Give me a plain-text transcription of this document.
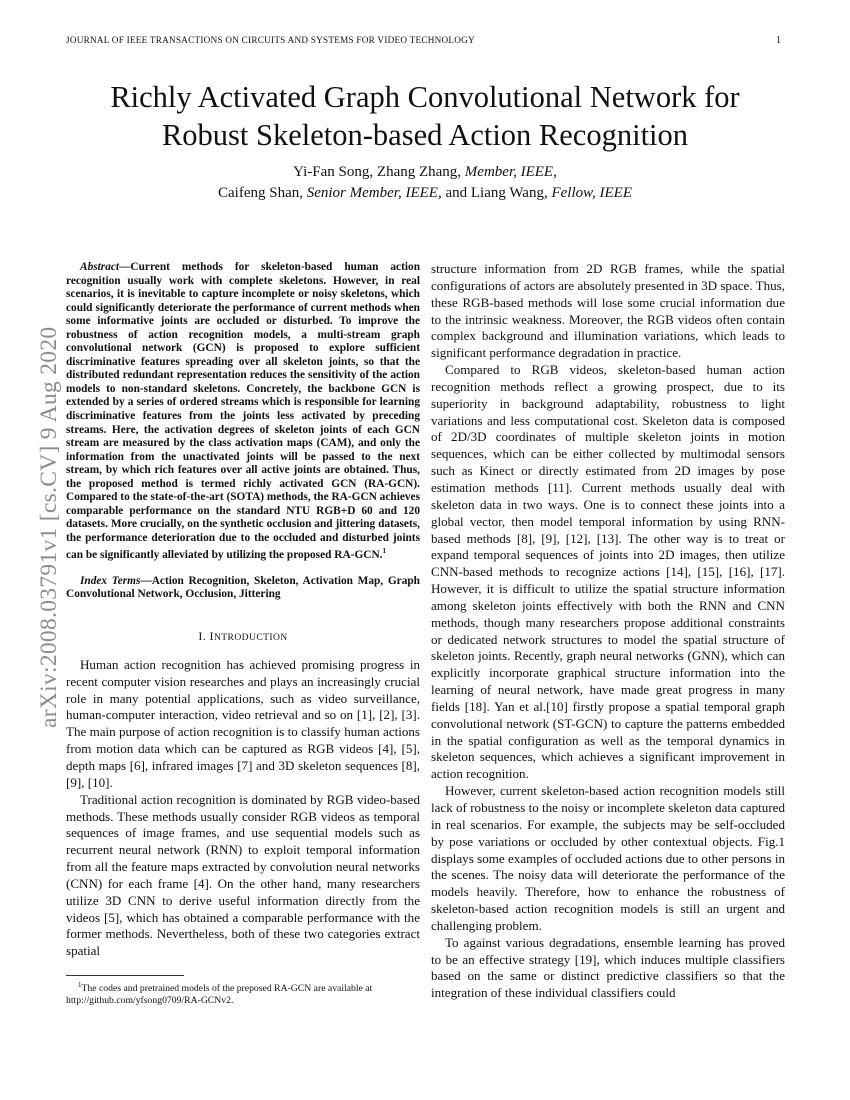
JOURNAL OF IEEE TRANSACTIONS ON CIRCUITS AND SYSTEMS FOR VIDEO TECHNOLOGY	1
arXiv:2008.03791v1 [cs.CV] 9 Aug 2020
Richly Activated Graph Convolutional Network for
Robust Skeleton-based Action Recognition
Yi-Fan Song, Zhang Zhang, Member, IEEE,
Caifeng Shan, Senior Member, IEEE, and Liang Wang, Fellow, IEEE

Abstract—Current methods for skeleton-based human action recognition usually work with complete skeletons. However, in real scenarios, it is inevitable to capture incomplete or noisy skeletons, which could significantly deteriorate the performance of current methods when some informative joints are occluded or disturbed. To improve the robustness of action recognition models, a multi-stream graph convolutional network (GCN) is proposed to explore sufficient discriminative features spreading over all skeleton joints, so that the distributed redundant representation reduces the sensitivity of the action models to non-standard skeletons. Concretely, the backbone GCN is extended by a series of ordered streams which is responsible for learning discriminative features from the joints less activated by preceding streams. Here, the activation degrees of skeleton joints of each GCN stream are measured by the class activation maps (CAM), and only the information from the unactivated joints will be passed to the next stream, by which rich features over all active joints are obtained. Thus, the proposed method is termed richly activated GCN (RA-GCN). Compared to the state-of-the-art (SOTA) methods, the RA-GCN achieves comparable performance on the standard NTU RGB+D 60 and 120 datasets. More crucially, on the synthetic occlusion and jittering datasets, the performance deterioration due to the occluded and disturbed joints can be significantly alleviated by utilizing the proposed RA-GCN.$^1$

Index Terms—Action Recognition, Skeleton, Activation Map, Graph Convolutional Network, Occlusion, Jittering

I. INTRODUCTION

Human action recognition has achieved promising progress in recent computer vision researches and plays an increasingly crucial role in many potential applications, such as video surveillance, human-computer interaction, video retrieval and so on [1], [2], [3]. The main purpose of action recognition is to classify human actions from motion data which can be captured as RGB videos [4], [5], depth maps [6], infrared images [7] and 3D skeleton sequences [8], [9], [10].

Traditional action recognition is dominated by RGB video-based methods. These methods usually consider RGB videos as temporal sequences of image frames, and use sequential models such as recurrent neural network (RNN) to exploit temporal information from all the feature maps extracted by convolution neural networks (CNN) for each frame [4]. On the other hand, many researchers utilize 3D CNN to derive useful information directly from the videos [5], which has obtained a comparable performance with the former methods. Nevertheless, both of these two categories extract spatial

$^1$The codes and pretrained models of the preposed RA-GCN are available at http://github.com/yfsong0709/RA-GCNv2.

structure information from 2D RGB frames, while the spatial configurations of actors are absolutely presented in 3D space. Thus, these RGB-based methods will lose some crucial information due to the intrinsic weakness. Moreover, the RGB videos often contain complex background and illumination variations, which leads to significant performance degradation in practice.

Compared to RGB videos, skeleton-based human action recognition methods reflect a growing prospect, due to its superiority in background adaptability, robustness to light variations and less computational cost. Skeleton data is composed of 2D/3D coordinates of multiple skeleton joints in motion sequences, which can be either collected by multimodal sensors such as Kinect or directly estimated from 2D images by pose estimation methods [11]. Current methods usually deal with skeleton data in two ways. One is to connect these joints into a global vector, then model temporal information by using RNN-based methods [8], [9], [12], [13]. The other way is to treat or expand temporal sequences of joints into 2D images, then utilize CNN-based methods to recognize actions [14], [15], [16], [17]. However, it is difficult to utilize the spatial structure information among skeleton joints effectively with both the RNN and CNN methods, though many researchers propose additional constraints or dedicated network structures to model the spatial structure of skeleton joints. Recently, graph neural networks (GNN), which can explicitly incorporate graphical structure information into the learning of neural network, have made great progress in many fields [18]. Yan et al.[10] firstly propose a spatial temporal graph convolutional network (ST-GCN) to capture the patterns embedded in the spatial configuration as well as the temporal dynamics in skeleton sequences, which achieves a significant improvement in action recognition.

However, current skeleton-based action recognition models still lack of robustness to the noisy or incomplete skeleton data captured in real scenarios. For example, the subjects may be self-occluded by pose variations or occluded by other contextual objects. Fig.1 displays some examples of occluded actions due to other persons in the scenes. The noisy data will deteriorate the performance of the models heavily. Therefore, how to enhance the robustness of skeleton-based action recognition models is still an urgent and challenging problem.

To against various degradations, ensemble learning has proved to be an effective strategy [19], which induces multiple classifiers based on the same or distinct predictive classifiers so that the integration of these individual classifiers could
